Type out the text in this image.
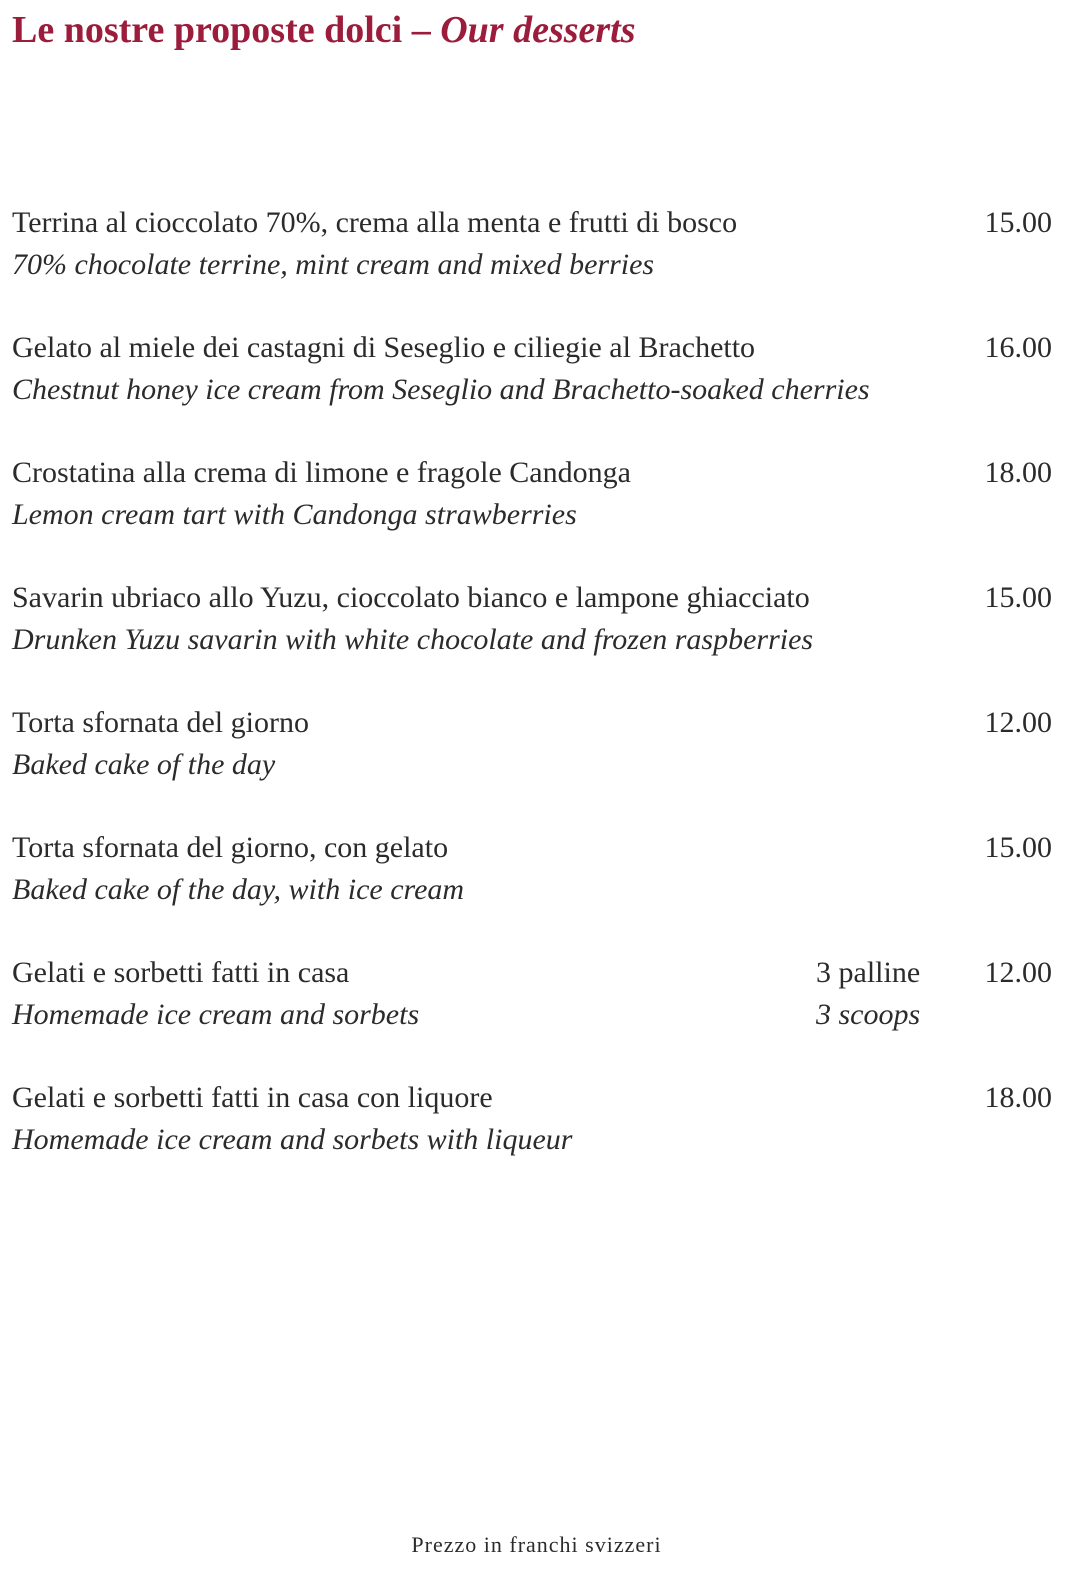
Le nostre proposte dolci – Our desserts
Terrina al cioccolato 70%, crema alla menta e frutti di bosco
70% chocolate terrine, mint cream and mixed berries
15.00
Gelato al miele dei castagni di Seseglio e ciliegie al Brachetto
Chestnut honey ice cream from Seseglio and Brachetto-soaked cherries
16.00
Crostatina alla crema di limone e fragole Candonga
Lemon cream tart with Candonga strawberries
18.00
Savarin ubriaco allo Yuzu, cioccolato bianco e lampone ghiacciato
Drunken Yuzu savarin with white chocolate and frozen raspberries
15.00
Torta sfornata del giorno
Baked cake of the day
12.00
Torta sfornata del giorno, con gelato
Baked cake of the day, with ice cream
15.00
Gelati e sorbetti fatti in casa
Homemade ice cream and sorbets
3 palline
3 scoops
12.00
Gelati e sorbetti fatti in casa con liquore
Homemade ice cream and sorbets with liqueur
18.00
Prezzo in franchi svizzeri
